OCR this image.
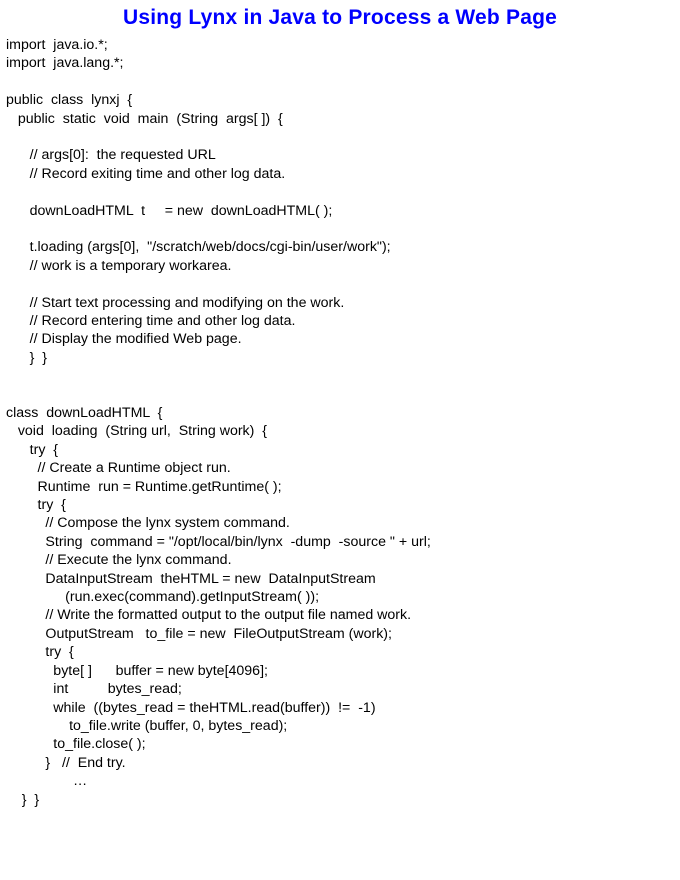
Using Lynx in Java to Process a Web Page
import  java.io.*;
import  java.lang.*;
public  class  lynxj  {
public  static  void  main  (String  args[ ])  {
// args[0]:  the requested URL
// Record exiting time and other log data.
downLoadHTML  t     = new  downLoadHTML( );
t.loading (args[0],  "/scratch/web/docs/cgi-bin/user/work");
// work is a temporary workarea.
// Start text processing and modifying on the work.
// Record entering time and other log data.
// Display the modified Web page.
}  }
class  downLoadHTML  {
void  loading  (String url,  String work)  {
try  {
// Create a Runtime object run.
Runtime  run = Runtime.getRuntime( );
try  {
// Compose the lynx system command.
String  command = "/opt/local/bin/lynx  -dump  -source " + url;
// Execute the lynx command.
DataInputStream  theHTML = new  DataInputStream
(run.exec(command).getInputStream( ));
// Write the formatted output to the output file named work.
OutputStream   to_file = new  FileOutputStream (work);
try  {
byte[ ]      buffer = new byte[4096];
int          bytes_read;
while  ((bytes_read = theHTML.read(buffer))  !=  -1)
to_file.write (buffer, 0, bytes_read);
to_file.close( );
}   //  End try.
…
}  }
